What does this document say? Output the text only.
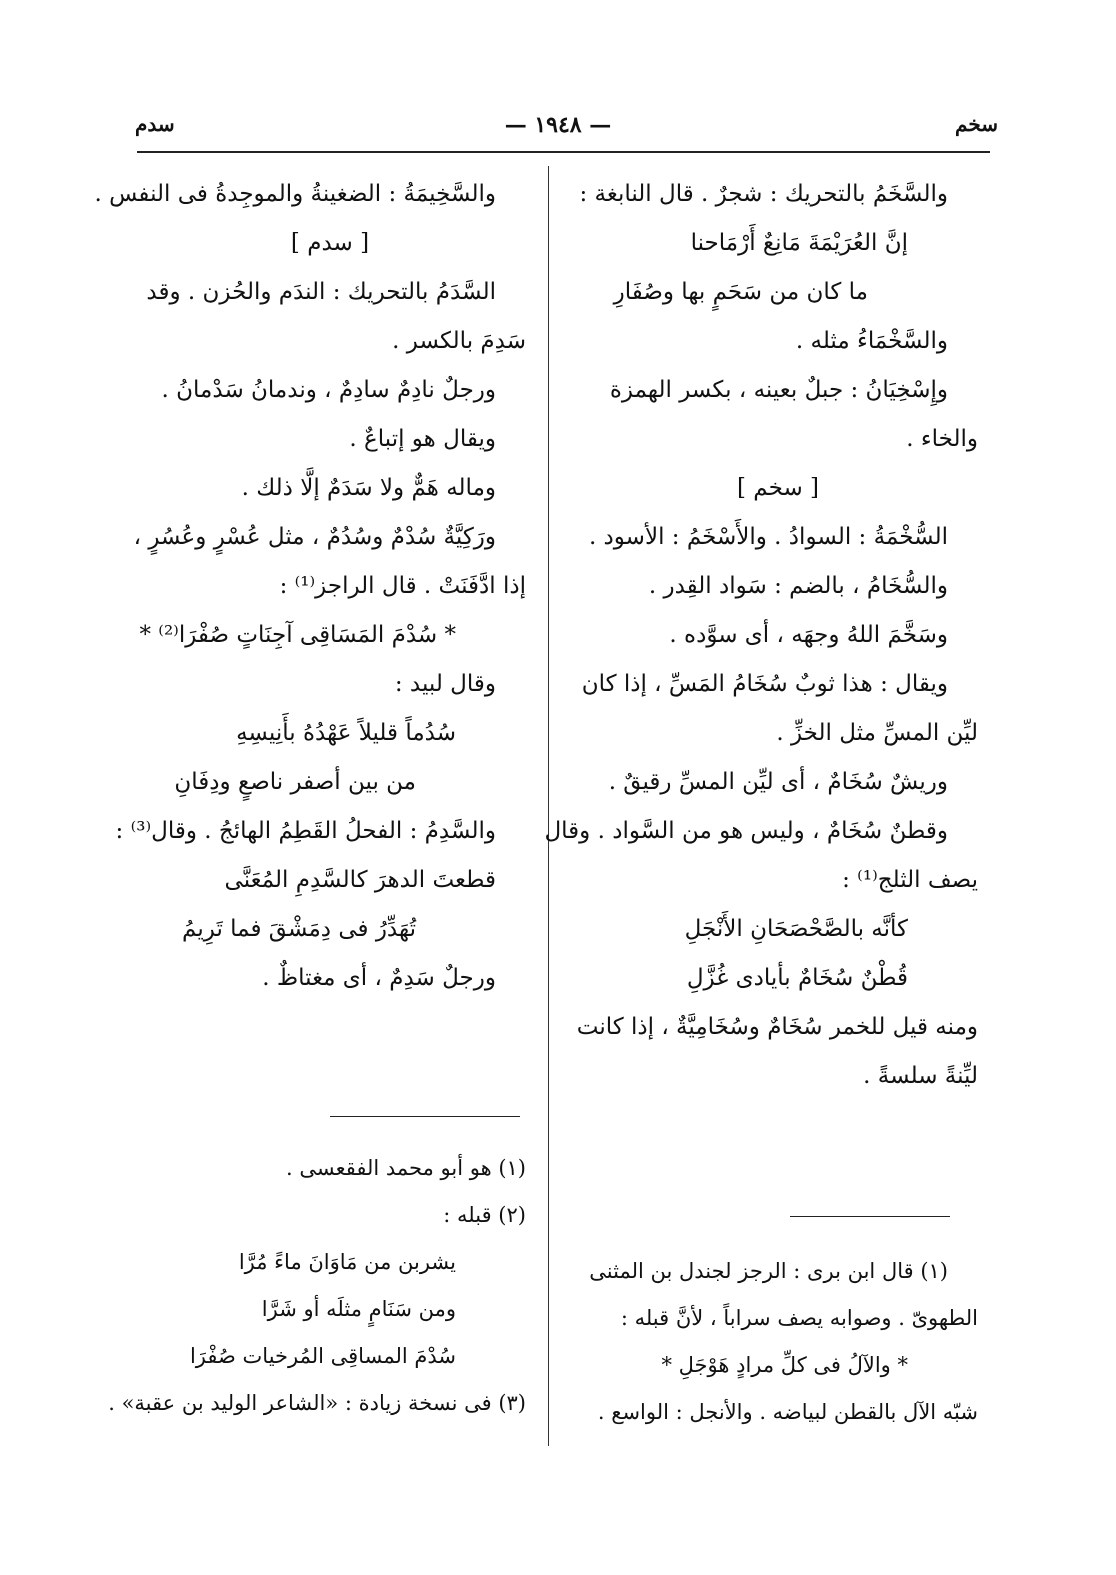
سخم
— ١٩٤٨ —
سدم
والسَّخَمُ بالتحريك : شجرٌ . قال النابغة :
إنَّ العُرَيْمَةَ مَانِعٌ أَرْمَاحنا
ما كان من سَحَمٍ بها وصُفَارِ
والسَّخْمَاءُ مثله .
وإِسْخِيَانُ : جبلٌ بعينه ، بكسر الهمزة
والخاء .
[ سخم ]
السُّخْمَةُ : السوادُ . والأَسْخَمُ : الأسود .
والسُّخَامُ ، بالضم : سَواد القِدر .
وسَخَّمَ اللهُ وجهَه ، أى سوَّده .
ويقال : هذا ثوبٌ سُخَامُ المَسِّ ، إذا كان
ليِّن المسِّ مثل الخزِّ .
وريشٌ سُخَامٌ ، أى ليِّن المسِّ رقيقٌ .
وقطنٌ سُخَامٌ ، وليس هو من السَّواد . وقال
يصف الثلج⁽¹⁾ :
كأنَّه بالصَّحْصَحَانِ الأَنْجَلِ
قُطْنٌ سُخَامٌ بأيادى غُزَّلِ
ومنه قيل للخمر سُخَامٌ وسُخَامِيَّةٌ ، إذا كانت
ليِّنةً سلسةً .
(١) قال ابن برى : الرجز لجندل بن المثنى
الطهوىّ . وصوابه يصف سراباً ، لأنَّ قبله :
* والآلُ فى كلِّ مرادٍ هَوْجَلِ *
شبّه الآل بالقطن لبياضه . والأنجل : الواسع .
والسَّخِيمَةُ : الضغينةُ والموجِدةُ فى النفس .
[ سدم ]
السَّدَمُ بالتحريك : الندَم والحُزن . وقد
سَدِمَ بالكسر .
ورجلٌ نادِمٌ سادِمٌ ، وندمانُ سَدْمانُ .
ويقال هو إتباعٌ .
وماله هَمٌّ ولا سَدَمٌ إلَّا ذلك .
ورَكِيَّةٌ سُدْمٌ وسُدُمٌ ، مثل عُسْرٍ وعُسُرٍ ،
إذا ادَّفَنَتْ . قال الراجز⁽¹⁾ :
* سُدْمَ المَسَاقِى آجِنَاتٍ صُفْرَا⁽²⁾ *
وقال لبيد :
سُدُماً قليلاً عَهْدُهُ بأَنِيسِهِ
من بين أصفر ناصعٍ ودِفَانِ
والسَّدِمُ : الفحلُ القَطِمُ الهائجُ . وقال⁽³⁾ :
قطعتَ الدهرَ كالسَّدِمِ المُعَنَّى
تُهَدِّرُ فى دِمَشْقَ فما تَرِيمُ
ورجلٌ سَدِمٌ ، أى مغتاظٌ .
(١) هو أبو محمد الفقعسى .
(٢) قبله :
يشربن من مَاوَانَ ماءً مُرَّا
ومن سَنَامٍ مثلَه أو شَرَّا
سُدْمَ المساقِى المُرخيات صُفْرَا
(٣) فى نسخة زيادة : «الشاعر الوليد بن عقبة» .
